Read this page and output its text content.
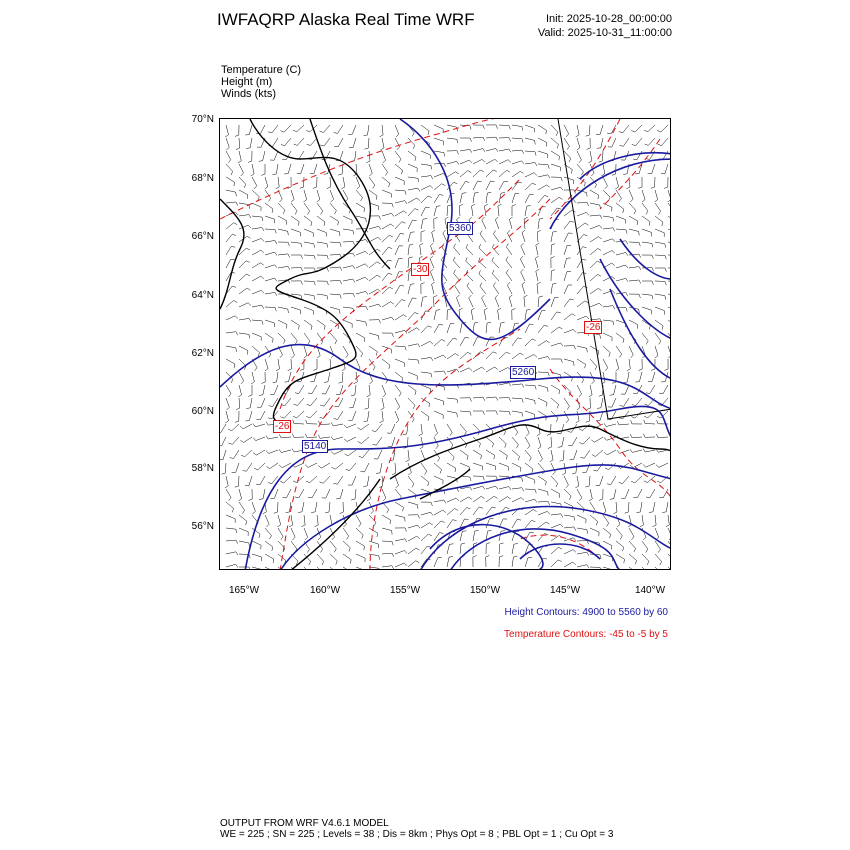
IWFAQRP Alaska Real Time WRF	Init: 2025-10-28_00:00:00
Valid: 2025-10-31_11:00:00
Temperature (C)
Height (m)
Winds (kts)
70°N
68°N
66°N
64°N
62°N
60°N
58°N
56°N
165°W	160°W	155°W	150°W	145°W	140°W
5360
5260
5140
-30
-26
-26
Height Contours: 4900 to 5560 by 60
Temperature Contours: -45 to -5 by 5
OUTPUT FROM WRF V4.6.1 MODEL
WE = 225 ; SN = 225 ; Levels = 38 ; Dis = 8km ; Phys Opt = 8 ; PBL Opt = 1 ; Cu Opt = 3
